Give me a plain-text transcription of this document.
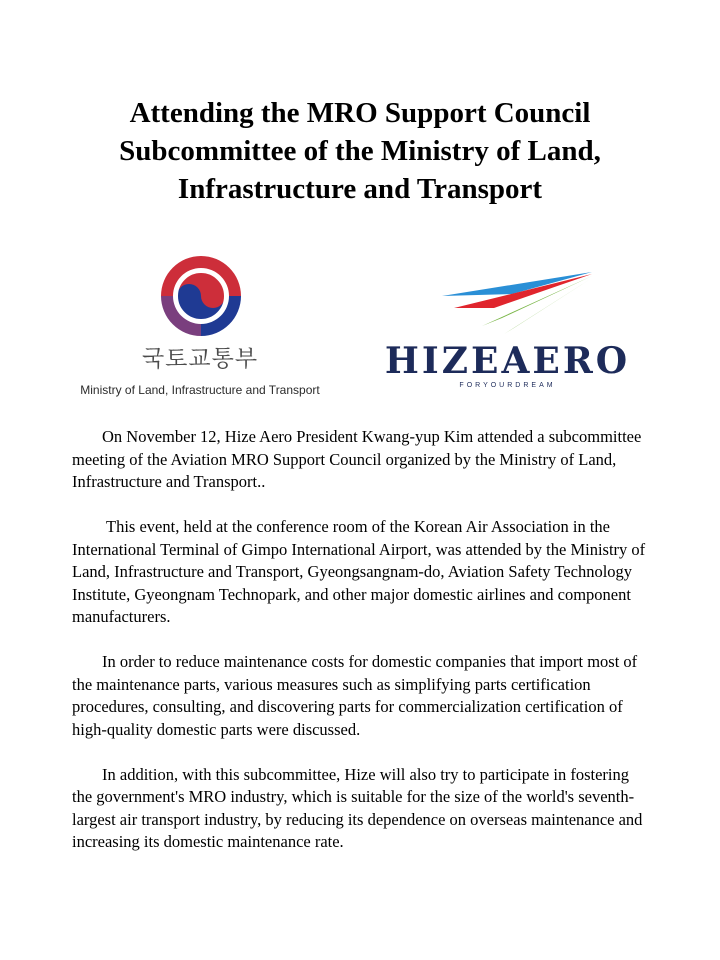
Attending the MRO Support Council Subcommittee of the Ministry of Land, Infrastructure and Transport
국토교통부
Ministry of Land, Infrastructure and Transport
HIZEAERO
FORYOURDREAM

On November 12, Hize Aero President Kwang-yup Kim attended a subcommittee meeting of the Aviation MRO Support Council organized by the Ministry of Land, Infrastructure and Transport..

This event, held at the conference room of the Korean Air Association in the International Terminal of Gimpo International Airport, was attended by the Ministry of Land, Infrastructure and Transport, Gyeongsangnam-do, Aviation Safety Technology Institute, Gyeongnam Technopark, and other major domestic airlines and component manufacturers.

In order to reduce maintenance costs for domestic companies that import most of the maintenance parts, various measures such as simplifying parts certification procedures, consulting, and discovering parts for commercialization certification of high-quality domestic parts were discussed.

In addition, with this subcommittee, Hize will also try to participate in fostering the government's MRO industry, which is suitable for the size of the world's seventh-largest air transport industry, by reducing its dependence on overseas maintenance and increasing its domestic maintenance rate.
